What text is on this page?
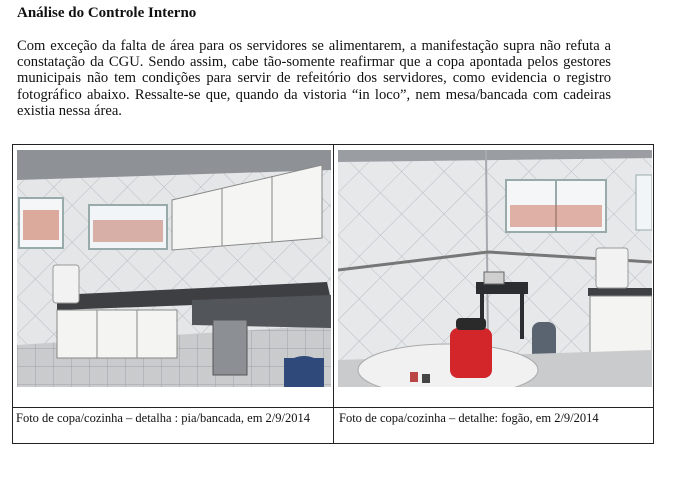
Análise do Controle Interno
Com exceção da falta de área para os servidores se alimentarem, a manifestação supra não refuta a constatação da CGU. Sendo assim, cabe tão-somente reafirmar que a copa apontada pelos gestores municipais não tem condições para servir de refeitório dos servidores, como evidencia o registro fotográfico abaixo. Ressalte-se que, quando da vistoria “in loco”, nem mesa/bancada com cadeiras existia nessa área.
Foto de copa/cozinha – detalha : pia/bancada, em 2/9/2014	Foto de copa/cozinha – detalhe: fogão, em 2/9/2014
